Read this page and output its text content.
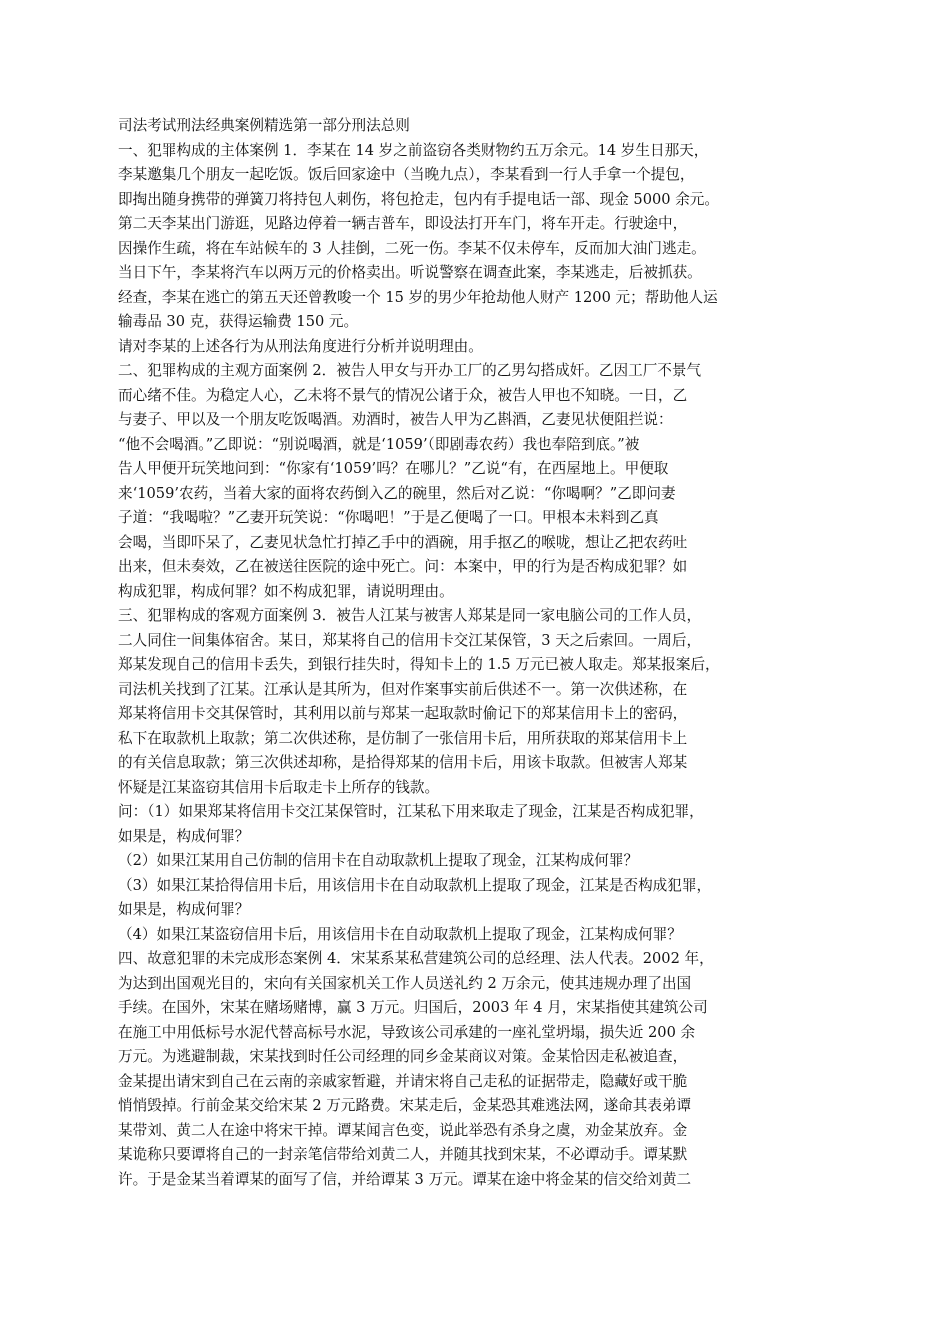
司法考试刑法经典案例精选第一部分刑法总则
一、犯罪构成的主体案例 1．李某在 14 岁之前盗窃各类财物约五万余元。14 岁生日那天，
李某邀集几个朋友一起吃饭。饭后回家途中（当晚九点），李某看到一行人手拿一个提包，
即掏出随身携带的弹簧刀将持包人刺伤，将包抢走，包内有手提电话一部、现金 5000 余元。
第二天李某出门游逛，见路边停着一辆吉普车，即设法打开车门，将车开走。行驶途中，
因操作生疏，将在车站候车的 3 人挂倒，二死一伤。李某不仅未停车，反而加大油门逃走。
当日下午，李某将汽车以两万元的价格卖出。听说警察在调查此案，李某逃走，后被抓获。
经查，李某在逃亡的第五天还曾教唆一个 15 岁的男少年抢劫他人财产 1200 元；帮助他人运
输毒品 30 克，获得运输费 150 元。
请对李某的上述各行为从刑法角度进行分析并说明理由。
二、犯罪构成的主观方面案例 2．被告人甲女与开办工厂的乙男勾搭成奸。乙因工厂不景气
而心绪不佳。为稳定人心，乙未将不景气的情况公诸于众，被告人甲也不知晓。一日，乙
与妻子、甲以及一个朋友吃饭喝酒。劝酒时，被告人甲为乙斟酒，乙妻见状便阻拦说：
“他不会喝酒。”乙即说：“别说喝酒，就是‘1059’（即剧毒农药）我也奉陪到底。”被
告人甲便开玩笑地问到：“你家有‘1059’吗？在哪儿？”乙说“有，在西屋地上。甲便取
来‘1059’农药，当着大家的面将农药倒入乙的碗里，然后对乙说：“你喝啊？”乙即问妻
子道：“我喝啦？”乙妻开玩笑说：“你喝吧！”于是乙便喝了一口。甲根本未料到乙真
会喝，当即吓呆了，乙妻见状急忙打掉乙手中的酒碗，用手抠乙的喉咙，想让乙把农药吐
出来，但未奏效，乙在被送往医院的途中死亡。问：本案中，甲的行为是否构成犯罪？如
构成犯罪，构成何罪？如不构成犯罪，请说明理由。
三、犯罪构成的客观方面案例 3．被告人江某与被害人郑某是同一家电脑公司的工作人员，
二人同住一间集体宿舍。某日，郑某将自己的信用卡交江某保管，3 天之后索回。一周后，
郑某发现自己的信用卡丢失，到银行挂失时，得知卡上的 1.5 万元已被人取走。郑某报案后，
司法机关找到了江某。江承认是其所为，但对作案事实前后供述不一。第一次供述称，在
郑某将信用卡交其保管时，其利用以前与郑某一起取款时偷记下的郑某信用卡上的密码，
私下在取款机上取款；第二次供述称，是仿制了一张信用卡后，用所获取的郑某信用卡上
的有关信息取款；第三次供述却称，是拾得郑某的信用卡后，用该卡取款。但被害人郑某
怀疑是江某盗窃其信用卡后取走卡上所存的钱款。
问：（1）如果郑某将信用卡交江某保管时，江某私下用来取走了现金，江某是否构成犯罪，
如果是，构成何罪？
（2）如果江某用自己仿制的信用卡在自动取款机上提取了现金，江某构成何罪？
（3）如果江某拾得信用卡后，用该信用卡在自动取款机上提取了现金，江某是否构成犯罪，
如果是，构成何罪？
（4）如果江某盗窃信用卡后，用该信用卡在自动取款机上提取了现金，江某构成何罪？
四、故意犯罪的未完成形态案例 4．宋某系某私营建筑公司的总经理、法人代表。2002 年，
为达到出国观光目的，宋向有关国家机关工作人员送礼约 2 万余元，使其违规办理了出国
手续。在国外，宋某在赌场赌博，赢 3 万元。归国后，2003 年 4 月，宋某指使其建筑公司
在施工中用低标号水泥代替高标号水泥，导致该公司承建的一座礼堂坍塌，损失近 200 余
万元。为逃避制裁，宋某找到时任公司经理的同乡金某商议对策。金某恰因走私被追查，
金某提出请宋到自己在云南的亲戚家暂避，并请宋将自己走私的证据带走，隐藏好或干脆
悄悄毁掉。行前金某交给宋某 2 万元路费。宋某走后，金某恐其难逃法网，遂命其表弟谭
某带刘、黄二人在途中将宋干掉。谭某闻言色变，说此举恐有杀身之虞，劝金某放弃。金
某诡称只要谭将自己的一封亲笔信带给刘黄二人，并随其找到宋某，不必谭动手。谭某默
许。于是金某当着谭某的面写了信，并给谭某 3 万元。谭某在途中将金某的信交给刘黄二
